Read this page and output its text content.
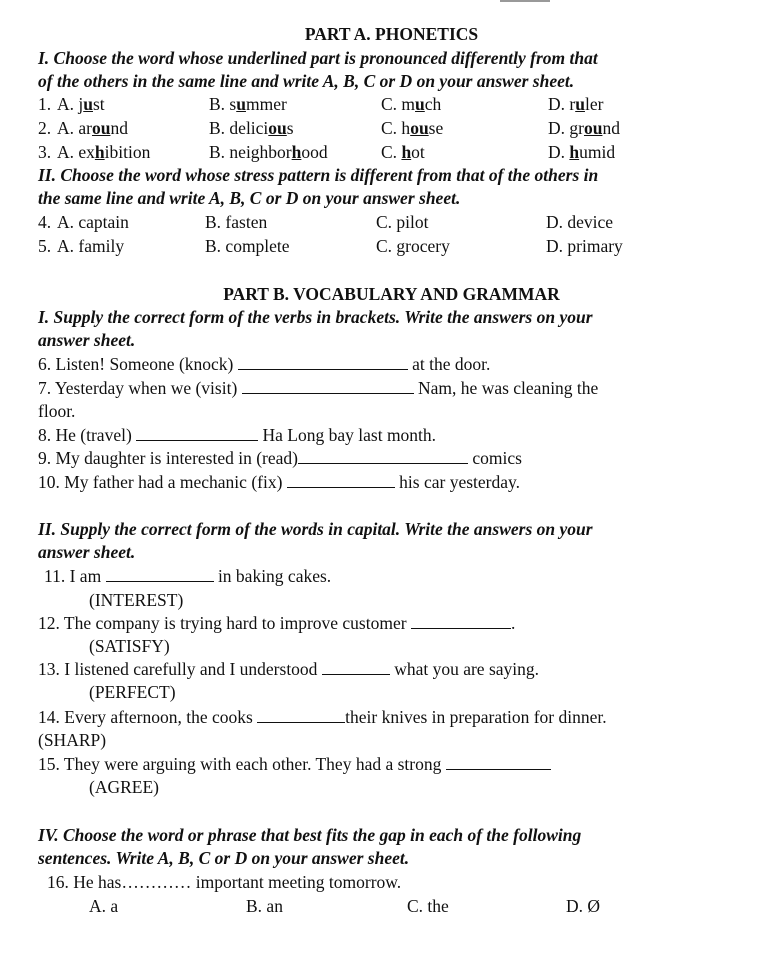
PART A. PHONETICS
I. Choose the word whose underlined part is pronounced differently from that
of the others in the same line and write A, B, C or D on your answer sheet.
1. A. just	B. summer	C. much	D. ruler
2. A. around	B. delicious	C. house	D. ground
3. A. exhibition	B. neighborhood	C. hot	D. humid
II. Choose the word whose stress pattern is different from that of the others in
the same line and write A, B, C or D on your answer sheet.
4. A. captain	B. fasten	C. pilot	D. device
5. A. family	B. complete	C. grocery	D. primary
PART B. VOCABULARY AND GRAMMAR
I. Supply the correct form of the verbs in brackets. Write the answers on your
answer sheet.
6. Listen! Someone (knock)	at the door.
7. Yesterday when we (visit)	Nam, he was cleaning the
floor.
8. He (travel)	Ha Long bay last month.
9. My daughter is interested in (read)	comics
10. My father had a mechanic (fix)	his car yesterday.
II. Supply the correct form of the words in capital. Write the answers on your
answer sheet.
11. I am	in baking cakes.
(INTEREST)
12. The company is trying hard to improve customer	.
(SATISFY)
13. I listened carefully and I understood	what you are saying.
(PERFECT)
14. Every afternoon, the cooks	their knives in preparation for dinner.
(SHARP)
15. They were arguing with each other. They had a strong
(AGREE)
IV. Choose the word or phrase that best fits the gap in each of the following
sentences. Write A, B, C or D on your answer sheet.
16. He has………… important meeting tomorrow.
A. a	B. an	C. the	D. Ø
